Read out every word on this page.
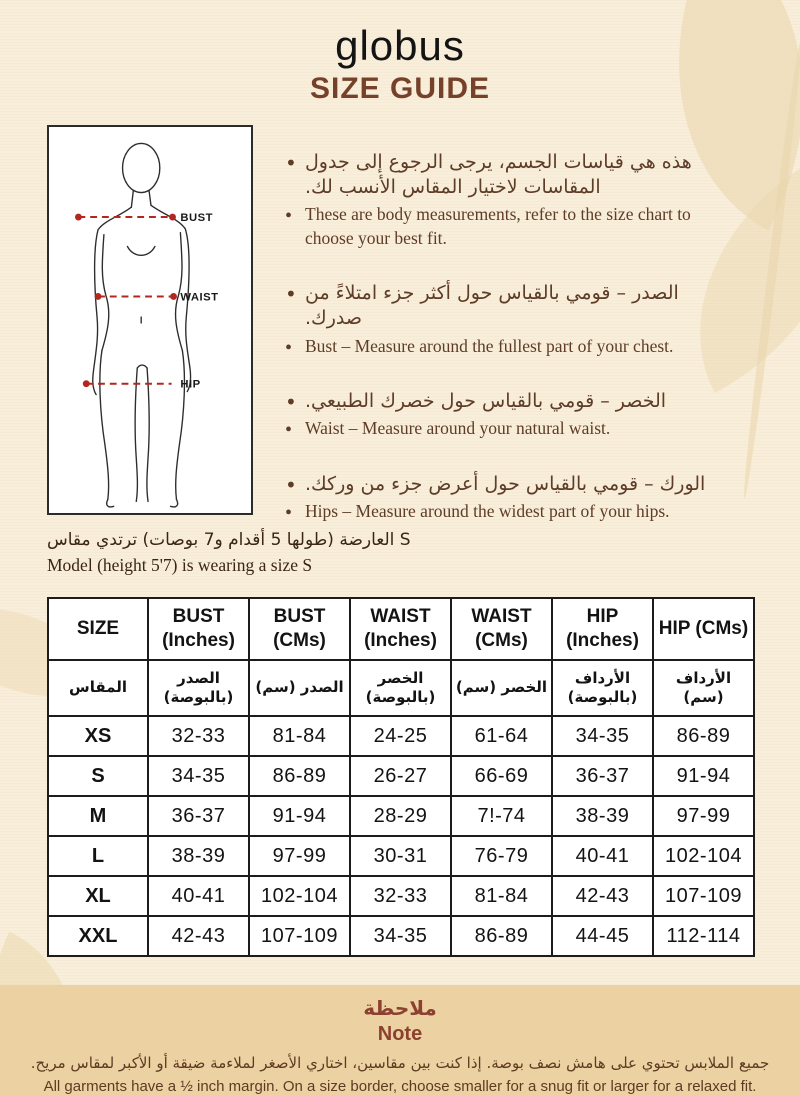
globus
SIZE GUIDE
BUST
WAIST
HIP
• هذه هي قياسات الجسم، يرجى الرجوع إلى جدول المقاسات لاختيار المقاس الأنسب لك.
• These are body measurements, refer to the size chart to choose your best fit.
• الصدر – قومي بالقياس حول أكثر جزء امتلاءً من صدرك.
• Bust – Measure around the fullest part of your chest.
• الخصر – قومي بالقياس حول خصرك الطبيعي.
• Waist – Measure around your natural waist.
• الورك – قومي بالقياس حول أعرض جزء من وركك.
• Hips – Measure around the widest part of your hips.
العارضة (طولها 5 أقدام و7 بوصات) ترتدي مقاس S
Model (height 5'7) is wearing a size S
SIZE	BUST (Inches)	BUST (CMs)	WAIST (Inches)	WAIST (CMs)	HIP (Inches)	HIP (CMs)
المقاس	الصدر (بالبوصة)	الصدر (سم)	الخصر (بالبوصة)	الخصر (سم)	الأرداف (بالبوصة)	الأرداف (سم)
XS	32-33	81-84	24-25	61-64	34-35	86-89
S	34-35	86-89	26-27	66-69	36-37	91-94
M	36-37	91-94	28-29	7!-74	38-39	97-99
L	38-39	97-99	30-31	76-79	40-41	102-104
XL	40-41	102-104	32-33	81-84	42-43	107-109
XXL	42-43	107-109	34-35	86-89	44-45	112-114
ملاحظة
Note
جميع الملابس تحتوي على هامش نصف بوصة. إذا كنت بين مقاسين، اختاري الأصغر لملاءمة ضيقة أو الأكبر لمقاس مريح.
All garments have a ½ inch margin. On a size border, choose smaller for a snug fit or larger for a relaxed fit.
